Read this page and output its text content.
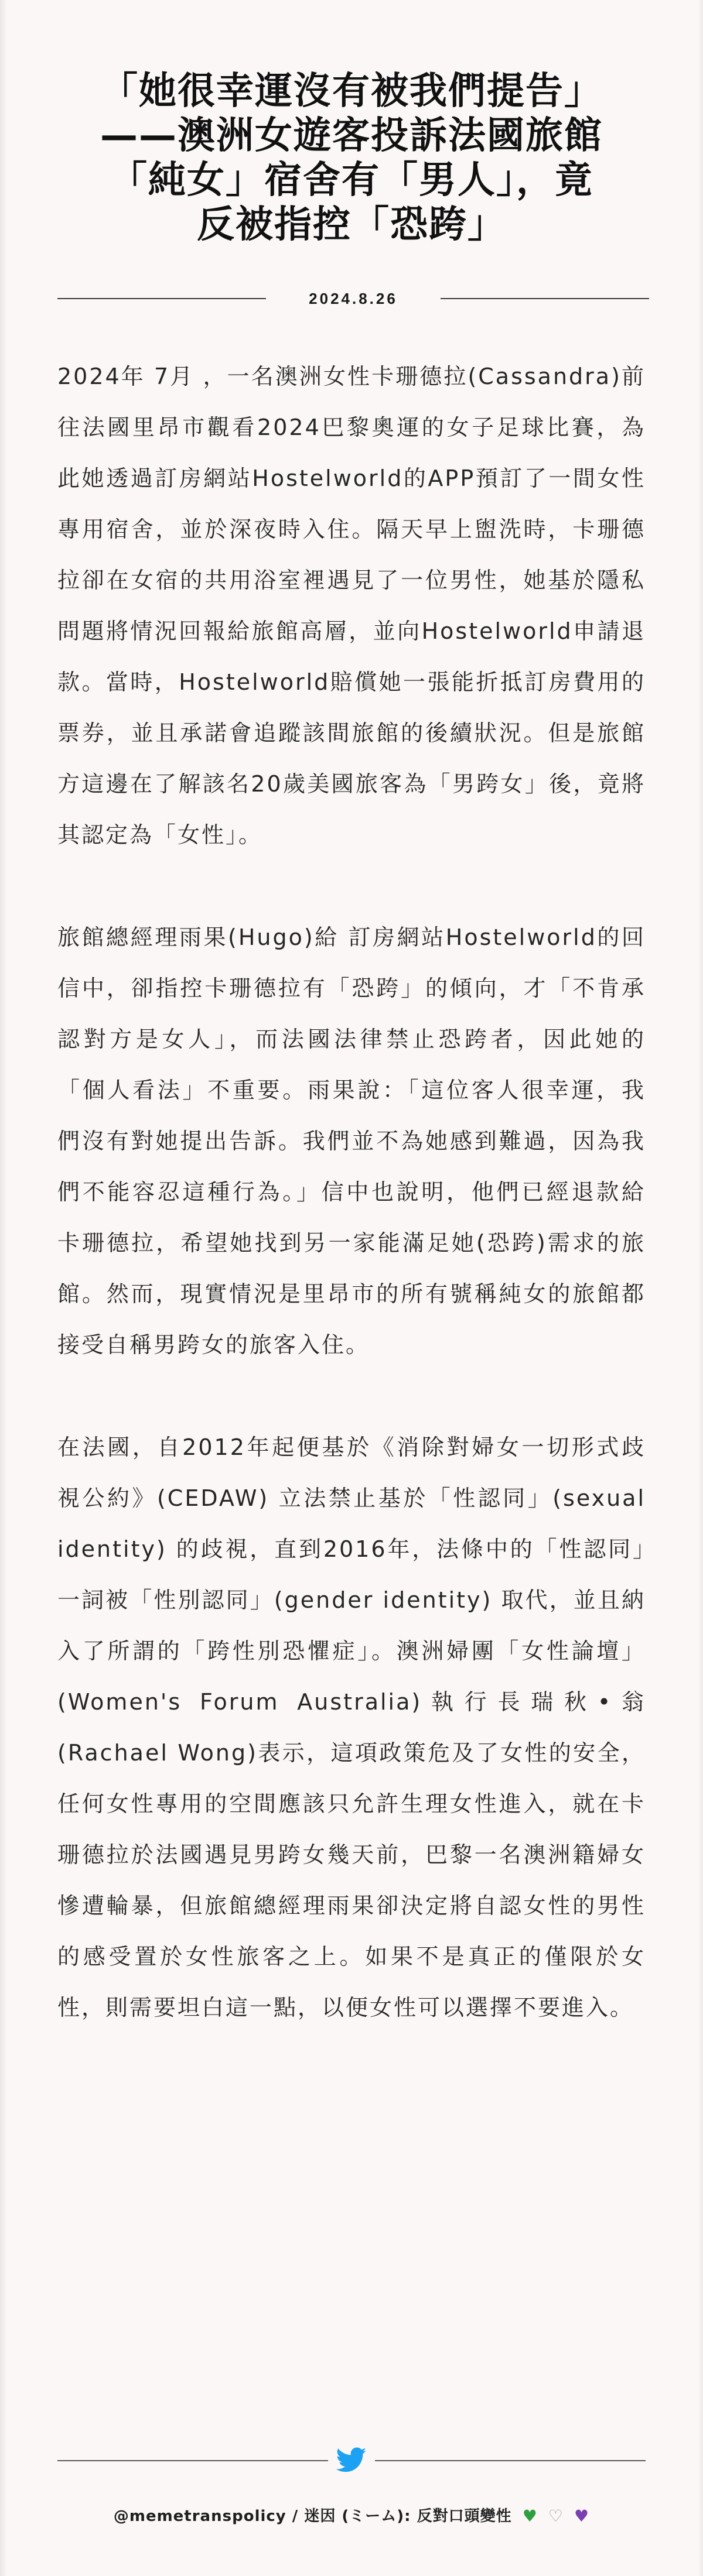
「她很幸運沒有被我們提告」
——澳洲女遊客投訴法國旅館
「純女」宿舍有「男人」，竟
反被指控「恐跨」
2024.8.26

2024年 7月 ，一名澳洲女性卡珊德拉(Cassandra)前往法國里昂市觀看2024巴黎奧運的女子足球比賽，為此她透過訂房網站Hostelworld的APP預訂了一間女性專用宿舍，並於深夜時入住。隔天早上盥洗時，卡珊德拉卻在女宿的共用浴室裡遇見了一位男性，她基於隱私問題將情況回報給旅館高層，並向Hostelworld申請退款。當時，Hostelworld賠償她一張能折抵訂房費用的票券，並且承諾會追蹤該間旅館的後續狀況。但是旅館方這邊在了解該名20歲美國旅客為「男跨女」後，竟將其認定為「女性」。

旅館總經理雨果(Hugo)給 訂房網站Hostelworld的回信中，卻指控卡珊德拉有「恐跨」的傾向，才「不肯承認對方是女人」，而法國法律禁止恐跨者，因此她的「個人看法」不重要。雨果說：「這位客人很幸運，我們沒有對她提出告訴。我們並不為她感到難過，因為我們不能容忍這種行為。」信中也說明，他們已經退款給卡珊德拉，希望她找到另一家能滿足她(恐跨)需求的旅館。然而，現實情況是里昂市的所有號稱純女的旅館都接受自稱男跨女的旅客入住。

在法國，自2012年起便基於《消除對婦女一切形式歧視公約》(CEDAW) 立法禁止基於「性認同」(sexual identity) 的歧視，直到2016年，法條中的「性認同」一詞被「性別認同」(gender identity) 取代，並且納入了所謂的「跨性別恐懼症」。澳洲婦團「女性論壇」(Women's Forum Australia)執行長瑞秋•翁(Rachael Wong)表示，這項政策危及了女性的安全，任何女性專用的空間應該只允許生理女性進入，就在卡珊德拉於法國遇見男跨女幾天前，巴黎一名澳洲籍婦女慘遭輪暴，但旅館總經理雨果卻決定將自認女性的男性的感受置於女性旅客之上。如果不是真正的僅限於女性，則需要坦白這一點，以便女性可以選擇不要進入。

@memetranspolicy / 迷因 (ミーム): 反對口頭變性 ♥ ♡ ♥
